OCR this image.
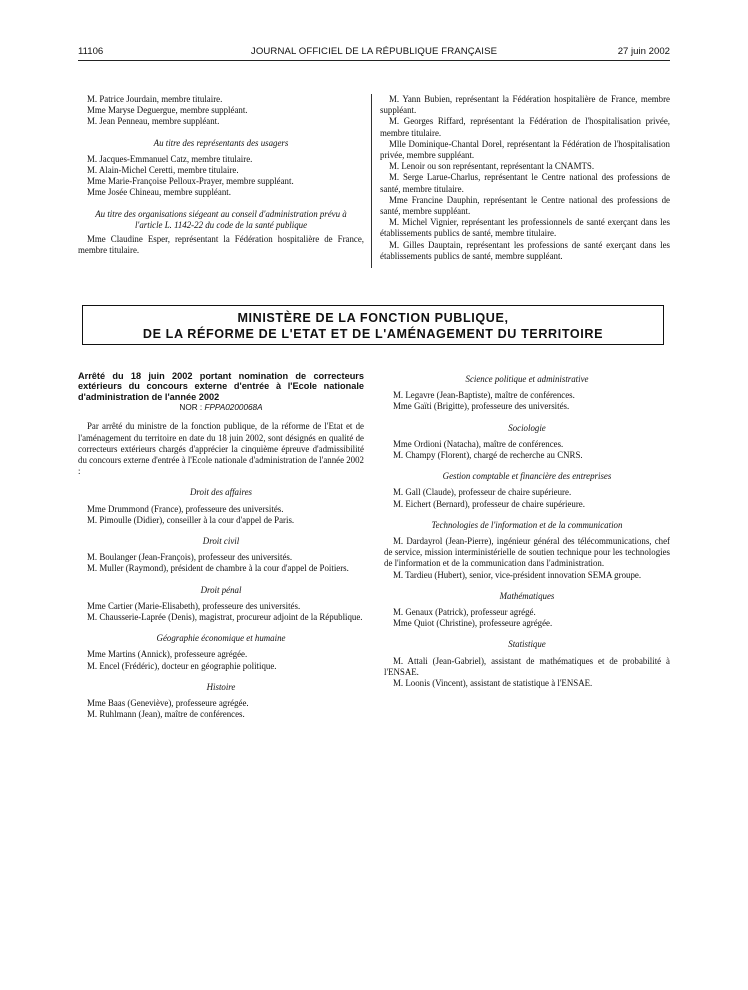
11106	JOURNAL OFFICIEL DE LA RÉPUBLIQUE FRANÇAISE	27 juin 2002

M. Patrice Jourdain, membre titulaire.

Mme Maryse Deguergue, membre suppléant.

M. Jean Penneau, membre suppléant.

Au titre des représentants des usagers

M. Jacques-Emmanuel Catz, membre titulaire.

M. Alain-Michel Ceretti, membre titulaire.

Mme Marie-Françoise Pelloux-Prayer, membre suppléant.

Mme Josée Chineau, membre suppléant.

Au titre des organisations siégeant au conseil d'administration prévu à l'article L. 1142-22 du code de la santé publique

Mme Claudine Esper, représentant la Fédération hospitalière de France, membre titulaire.

M. Yann Bubien, représentant la Fédération hospitalière de France, membre suppléant.

M. Georges Riffard, représentant la Fédération de l'hospitalisation privée, membre titulaire.

Mlle Dominique-Chantal Dorel, représentant la Fédération de l'hospitalisation privée, membre suppléant.

M. Lenoir ou son représentant, représentant la CNAMTS.

M. Serge Larue-Charlus, représentant le Centre national des professions de santé, membre titulaire.

Mme Francine Dauphin, représentant le Centre national des professions de santé, membre suppléant.

M. Michel Vignier, représentant les professionnels de santé exerçant dans les établissements publics de santé, membre titulaire.

M. Gilles Dauptain, représentant les professions de santé exerçant dans les établissements publics de santé, membre suppléant.

MINISTÈRE DE LA FONCTION PUBLIQUE,
DE LA RÉFORME DE L'ETAT ET DE L'AMÉNAGEMENT DU TERRITOIRE

Arrêté du 18 juin 2002 portant nomination de correcteurs extérieurs du concours externe d'entrée à l'Ecole nationale d'administration de l'année 2002

NOR : FPPA0200068A

Par arrêté du ministre de la fonction publique, de la réforme de l'Etat et de l'aménagement du territoire en date du 18 juin 2002, sont désignés en qualité de correcteurs extérieurs chargés d'apprécier la cinquième épreuve d'admissibilité du concours externe d'entrée à l'Ecole nationale d'administration de l'année 2002 :

Droit des affaires

Mme Drummond (France), professeure des universités.

M. Pimoulle (Didier), conseiller à la cour d'appel de Paris.

Droit civil

M. Boulanger (Jean-François), professeur des universités.

M. Muller (Raymond), président de chambre à la cour d'appel de Poitiers.

Droit pénal

Mme Cartier (Marie-Elisabeth), professeure des universités.

M. Chausserie-Laprée (Denis), magistrat, procureur adjoint de la République.

Géographie économique et humaine

Mme Martins (Annick), professeure agrégée.

M. Encel (Frédéric), docteur en géographie politique.

Histoire

Mme Baas (Geneviève), professeure agrégée.

M. Ruhlmann (Jean), maître de conférences.

Science politique et administrative

M. Legavre (Jean-Baptiste), maître de conférences.

Mme Gaïti (Brigitte), professeure des universités.

Sociologie

Mme Ordioni (Natacha), maître de conférences.

M. Champy (Florent), chargé de recherche au CNRS.

Gestion comptable et financière des entreprises

M. Gall (Claude), professeur de chaire supérieure.

M. Eichert (Bernard), professeur de chaire supérieure.

Technologies de l'information et de la communication

M. Dardayrol (Jean-Pierre), ingénieur général des télécommunications, chef de service, mission interministérielle de soutien technique pour les technologies de l'information et de la communication dans l'administration.

M. Tardieu (Hubert), senior, vice-président innovation SEMA groupe.

Mathématiques

M. Genaux (Patrick), professeur agrégé.

Mme Quiot (Christine), professeure agrégée.

Statistique

M. Attali (Jean-Gabriel), assistant de mathématiques et de probabilité à l'ENSAE.

M. Loonis (Vincent), assistant de statistique à l'ENSAE.
